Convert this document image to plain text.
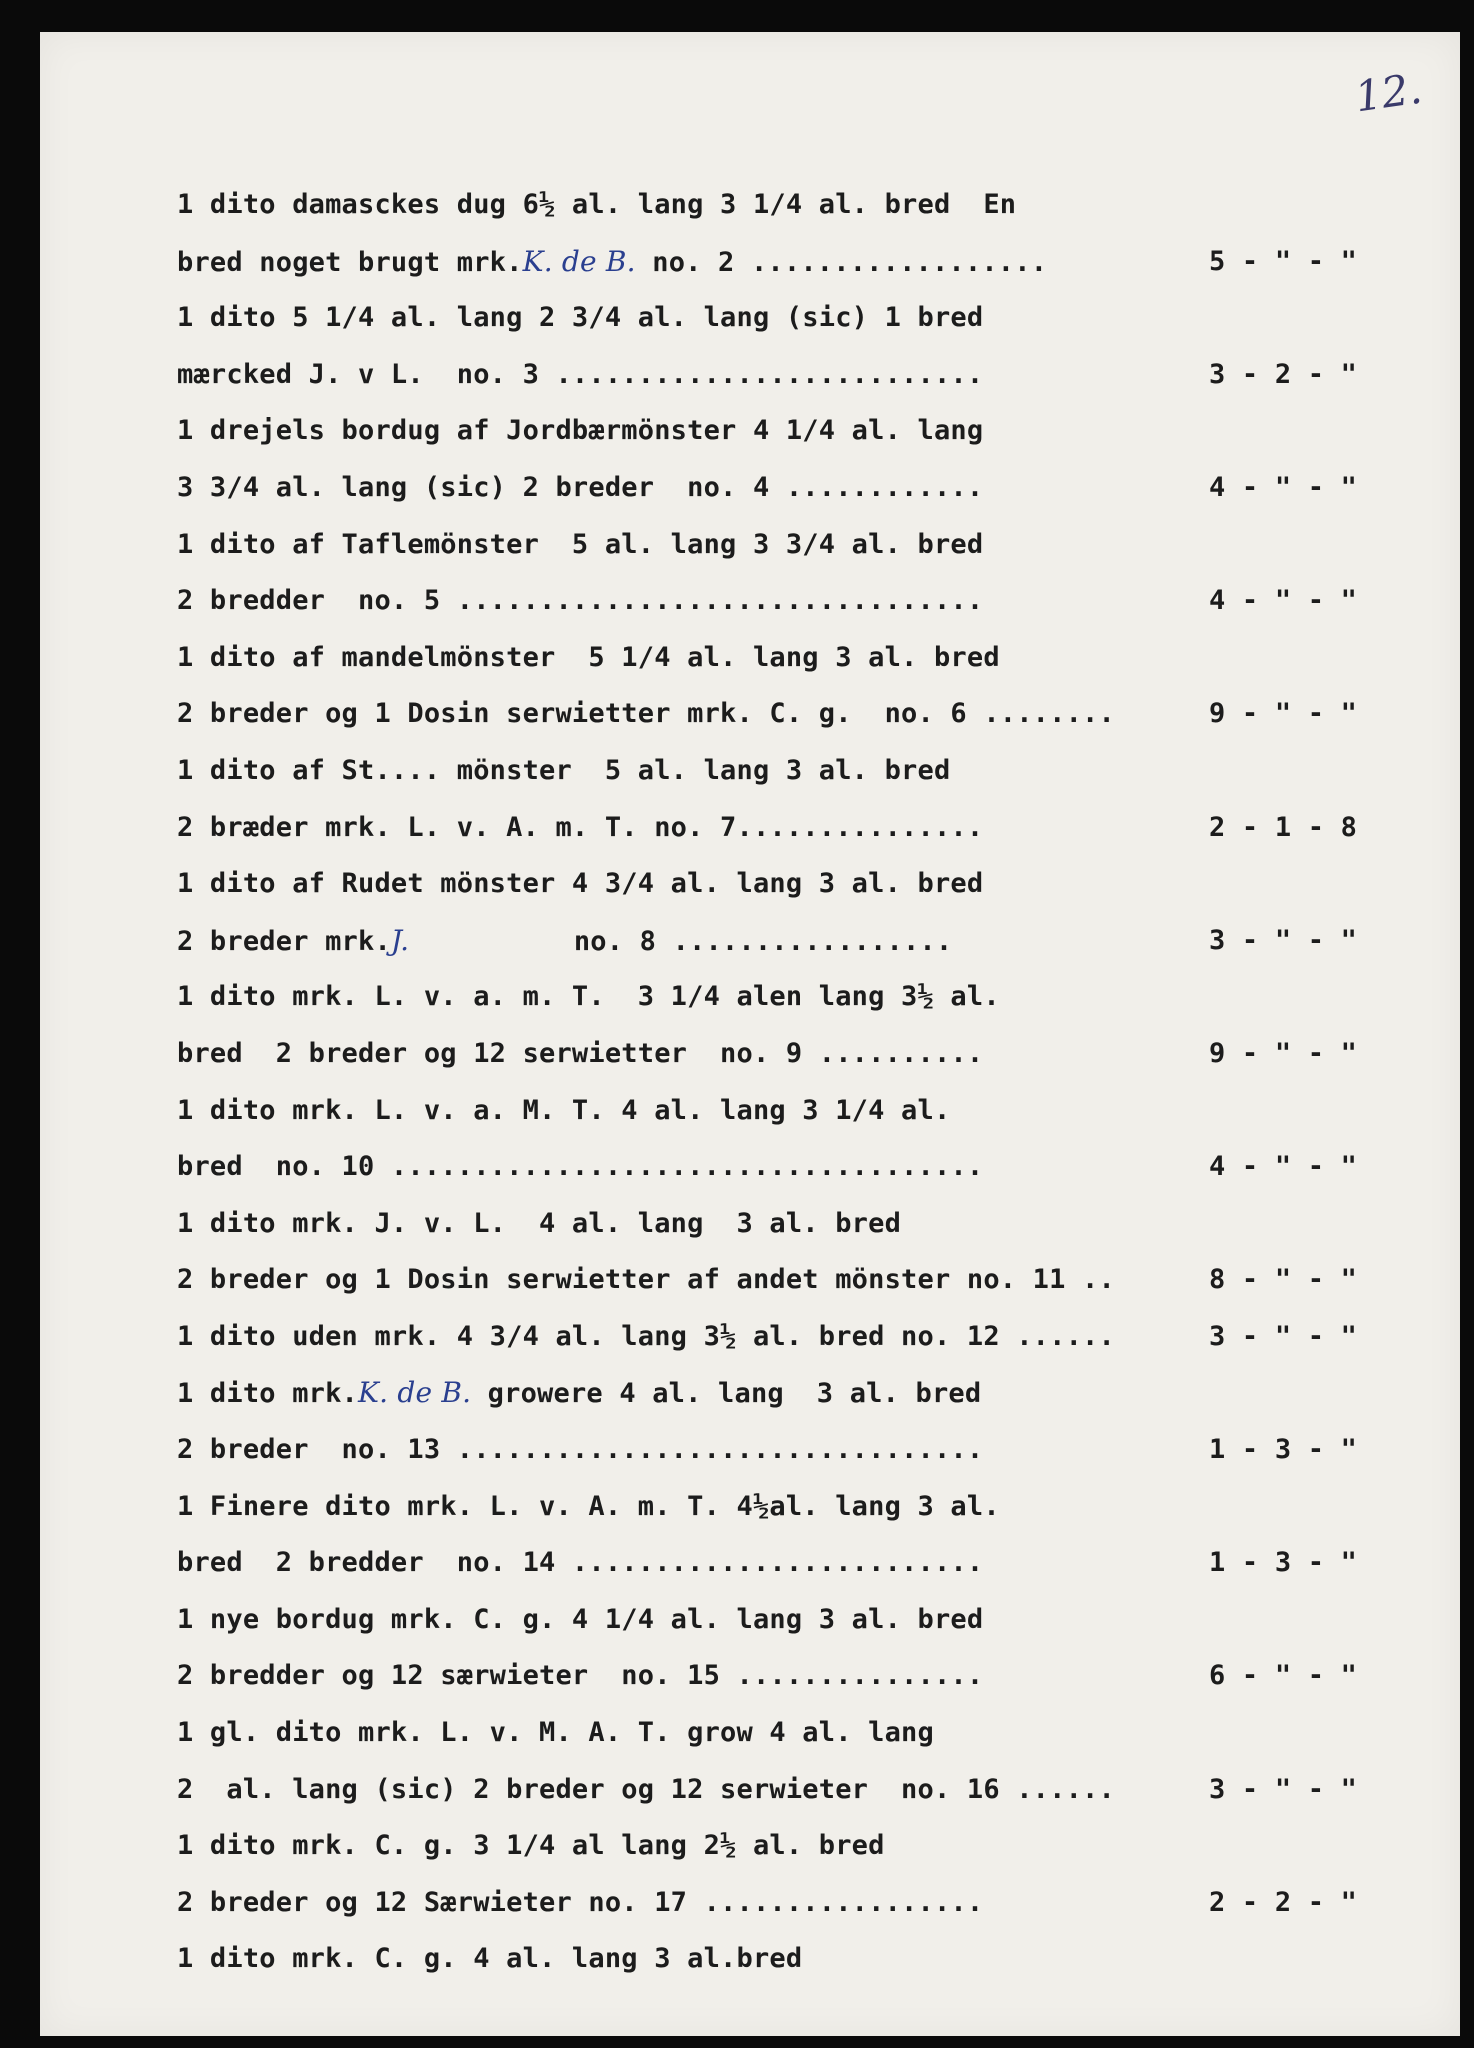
12.
1 dito damasckes dug 6½ al. lang 3 1/4 al. bred  En
bred noget brugt mrk.K. de B. no. 2 ..................	5 - " - "
1 dito 5 1/4 al. lang 2 3/4 al. lang (sic) 1 bred
mærcked J. v L.  no. 3 ..........................	3 - 2 - "
1 drejels bordug af Jordbærmönster 4 1/4 al. lang
3 3/4 al. lang (sic) 2 breder  no. 4 ............	4 - " - "
1 dito af Taflemönster  5 al. lang 3 3/4 al. bred
2 bredder  no. 5 ................................	4 - " - "
1 dito af mandelmönster  5 1/4 al. lang 3 al. bred
2 breder og 1 Dosin serwietter mrk. C. g.  no. 6 ........	9 - " - "
1 dito af St.... mönster  5 al. lang 3 al. bred
2 bræder mrk. L. v. A. m. T. no. 7...............	2 - 1 - 8
1 dito af Rudet mönster 4 3/4 al. lang 3 al. bred
2 breder mrk.J.          no. 8 .................	3 - " - "
1 dito mrk. L. v. a. m. T.  3 1/4 alen lang 3½ al.
bred  2 breder og 12 serwietter  no. 9 ..........	9 - " - "
1 dito mrk. L. v. a. M. T. 4 al. lang 3 1/4 al.
bred  no. 10 ....................................	4 - " - "
1 dito mrk. J. v. L.  4 al. lang  3 al. bred
2 breder og 1 Dosin serwietter af andet mönster no. 11 ..	8 - " - "
1 dito uden mrk. 4 3/4 al. lang 3½ al. bred no. 12 ......	3 - " - "
1 dito mrk.K. de B. growere 4 al. lang  3 al. bred
2 breder  no. 13 ................................	1 - 3 - "
1 Finere dito mrk. L. v. A. m. T. 4½al. lang 3 al.
bred  2 bredder  no. 14 .........................	1 - 3 - "
1 nye bordug mrk. C. g. 4 1/4 al. lang 3 al. bred
2 bredder og 12 særwieter  no. 15 ...............	6 - " - "
1 gl. dito mrk. L. v. M. A. T. grow 4 al. lang
2  al. lang (sic) 2 breder og 12 serwieter  no. 16 ......	3 - " - "
1 dito mrk. C. g. 3 1/4 al lang 2½ al. bred
2 breder og 12 Særwieter no. 17 .................	2 - 2 - "
1 dito mrk. C. g. 4 al. lang 3 al.bred
